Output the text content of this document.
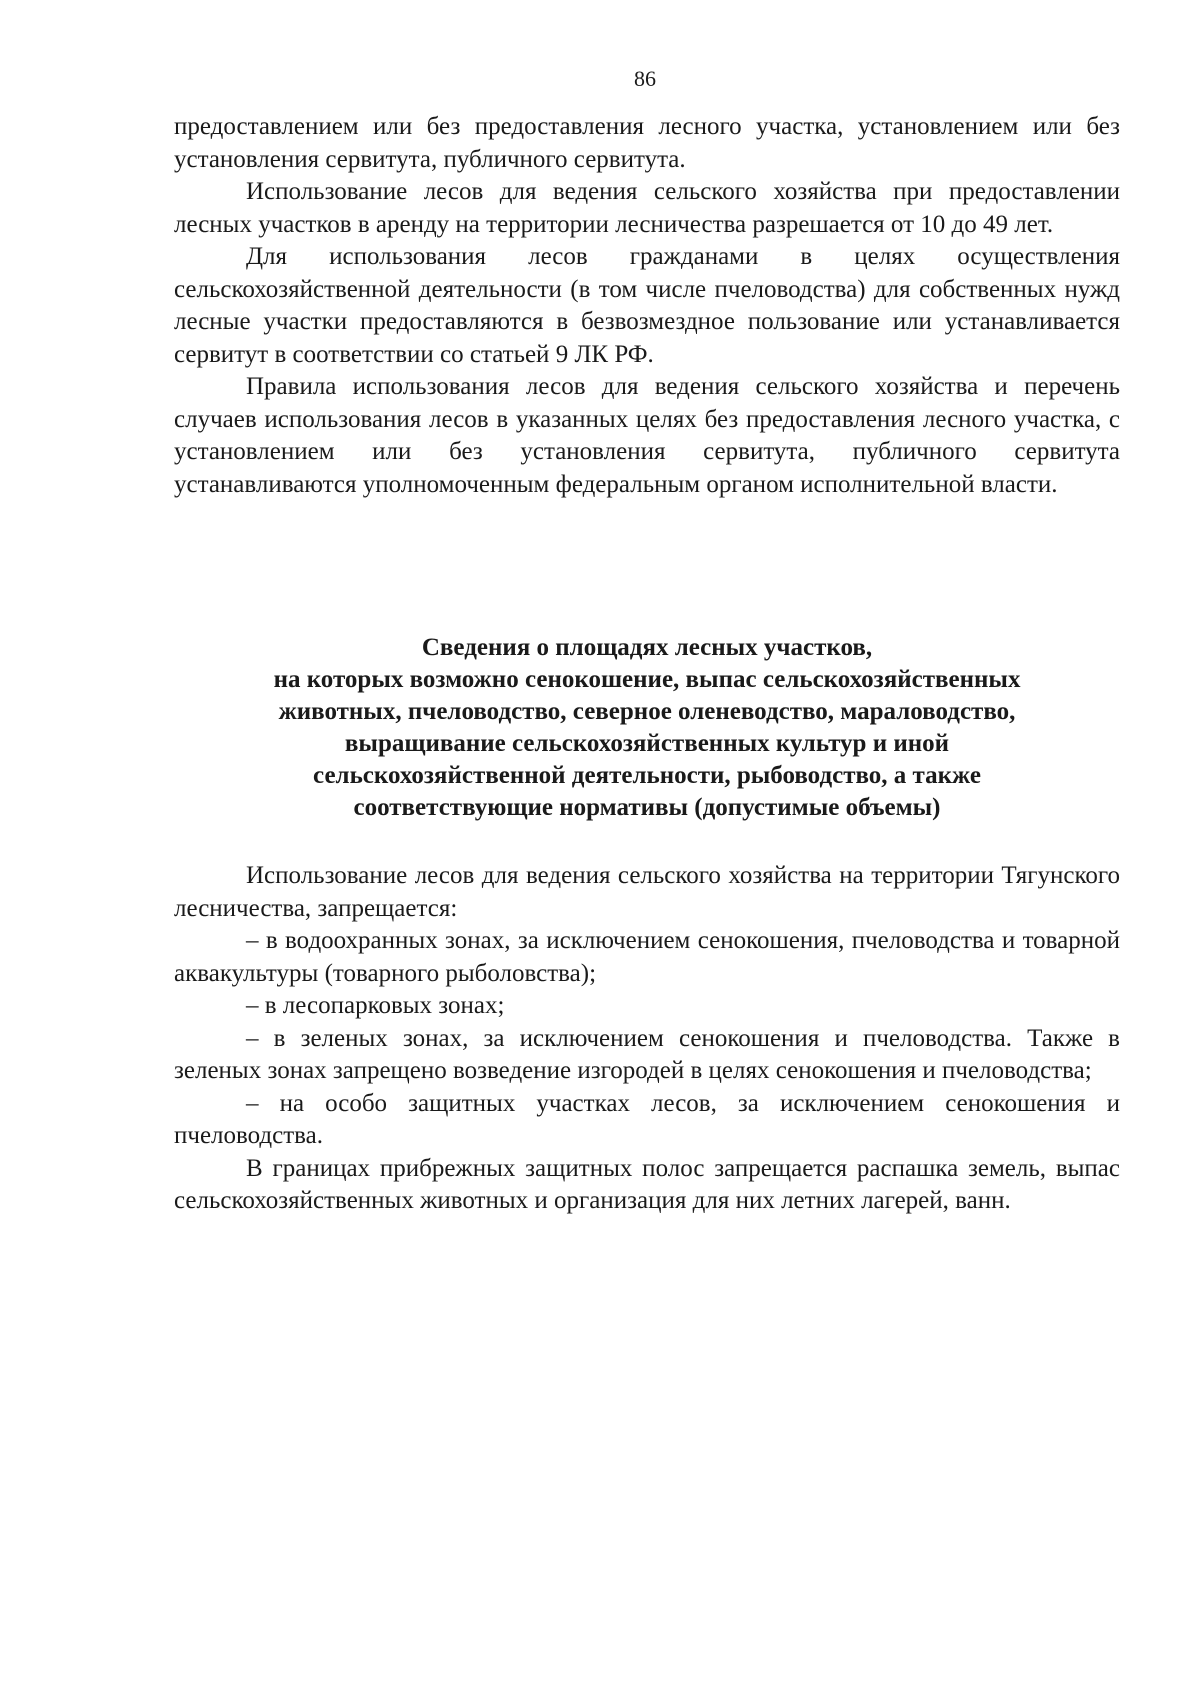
86

предоставлением или без предоставления лесного участка, установлением или без установления сервитута, публичного сервитута.

Использование лесов для ведения сельского хозяйства при предоставлении лесных участков в аренду на территории лесничества разрешается от 10 до 49 лет.

Для использования лесов гражданами в целях осуществления сельскохозяйственной деятельности (в том числе пчеловодства) для собственных нужд лесные участки предоставляются в безвозмездное пользование или устанавливается сервитут в соответствии со статьей 9 ЛК РФ.

Правила использования лесов для ведения сельского хозяйства и перечень случаев использования лесов в указанных целях без предоставления лесного участка, с установлением или без установления сервитута, публичного сервитута устанавливаются уполномоченным федеральным органом исполнительной власти.

Сведения о площадях лесных участков,
на которых возможно сенокошение, выпас сельскохозяйственных
животных, пчеловодство, северное оленеводство, мараловодство,
выращивание сельскохозяйственных культур и иной
сельскохозяйственной деятельности, рыбоводство, а также
соответствующие нормативы (допустимые объемы)

Использование лесов для ведения сельского хозяйства на территории Тягунского лесничества, запрещается:

– в водоохранных зонах, за исключением сенокошения, пчеловодства и товарной аквакультуры (товарного рыболовства);

– в лесопарковых зонах;

– в зеленых зонах, за исключением сенокошения и пчеловодства. Также в зеленых зонах запрещено возведение изгородей в целях сенокошения и пчеловодства;

– на особо защитных участках лесов, за исключением сенокошения и пчеловодства.

В границах прибрежных защитных полос запрещается распашка земель, выпас сельскохозяйственных животных и организация для них летних лагерей, ванн.
